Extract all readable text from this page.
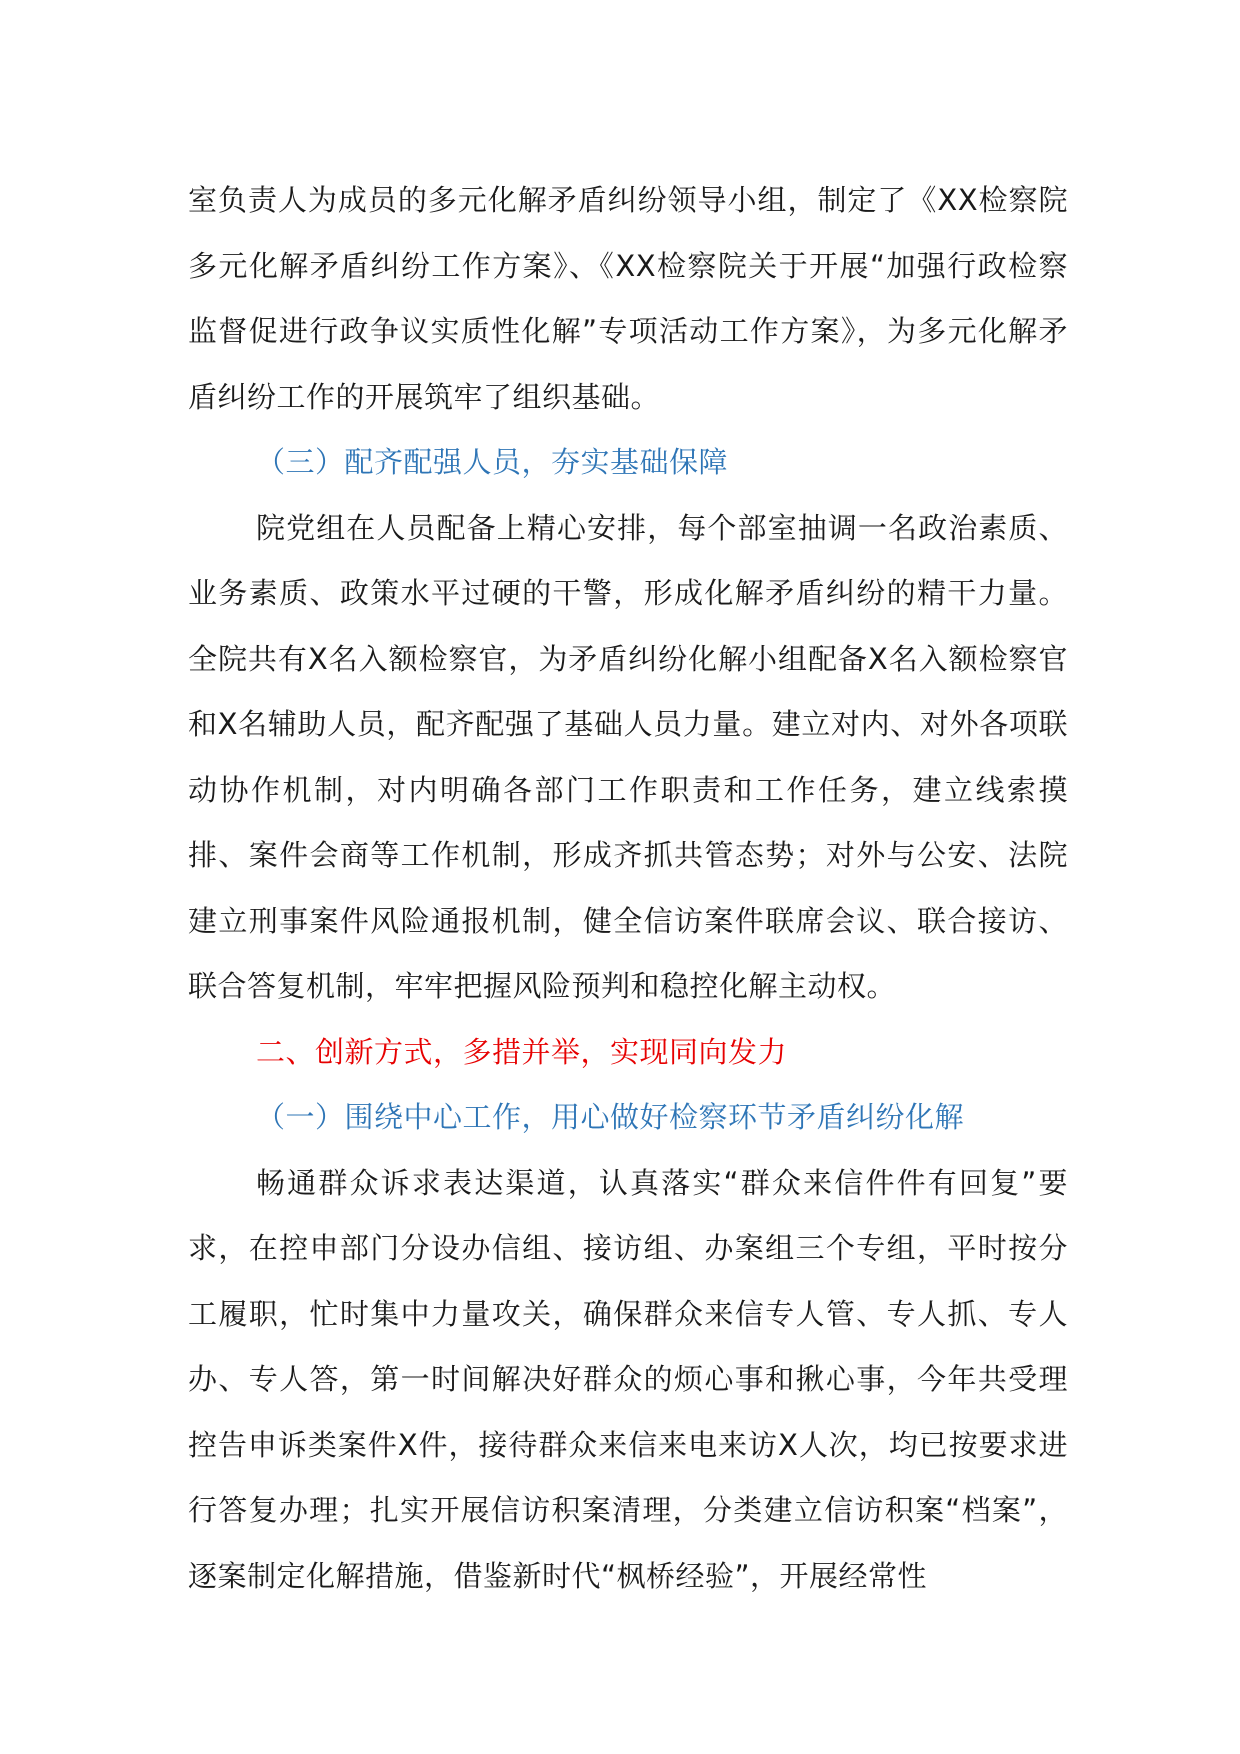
室负责人为成员的多元化解矛盾纠纷领导小组，制定了《XX检察院多元化解矛盾纠纷工作方案》、《XX检察院关于开展“加强行政检察监督促进行政争议实质性化解”专项活动工作方案》，为多元化解矛盾纠纷工作的开展筑牢了组织基础。

（三）配齐配强人员，夯实基础保障

院党组在人员配备上精心安排，每个部室抽调一名政治素质、业务素质、政策水平过硬的干警，形成化解矛盾纠纷的精干力量。全院共有X名入额检察官，为矛盾纠纷化解小组配备X名入额检察官和X名辅助人员，配齐配强了基础人员力量。建立对内、对外各项联动协作机制，对内明确各部门工作职责和工作任务，建立线索摸排、案件会商等工作机制，形成齐抓共管态势；对外与公安、法院建立刑事案件风险通报机制，健全信访案件联席会议、联合接访、联合答复机制，牢牢把握风险预判和稳控化解主动权。

二、创新方式，多措并举，实现同向发力

（一）围绕中心工作，用心做好检察环节矛盾纠纷化解

畅通群众诉求表达渠道，认真落实“群众来信件件有回复”要求，在控申部门分设办信组、接访组、办案组三个专组，平时按分工履职，忙时集中力量攻关，确保群众来信专人管、专人抓、专人办、专人答，第一时间解决好群众的烦心事和揪心事，今年共受理控告申诉类案件X件，接待群众来信来电来访X人次，均已按要求进行答复办理；扎实开展信访积案清理，分类建立信访积案“档案”，逐案制定化解措施，借鉴新时代“枫桥经验”，开展经常性
